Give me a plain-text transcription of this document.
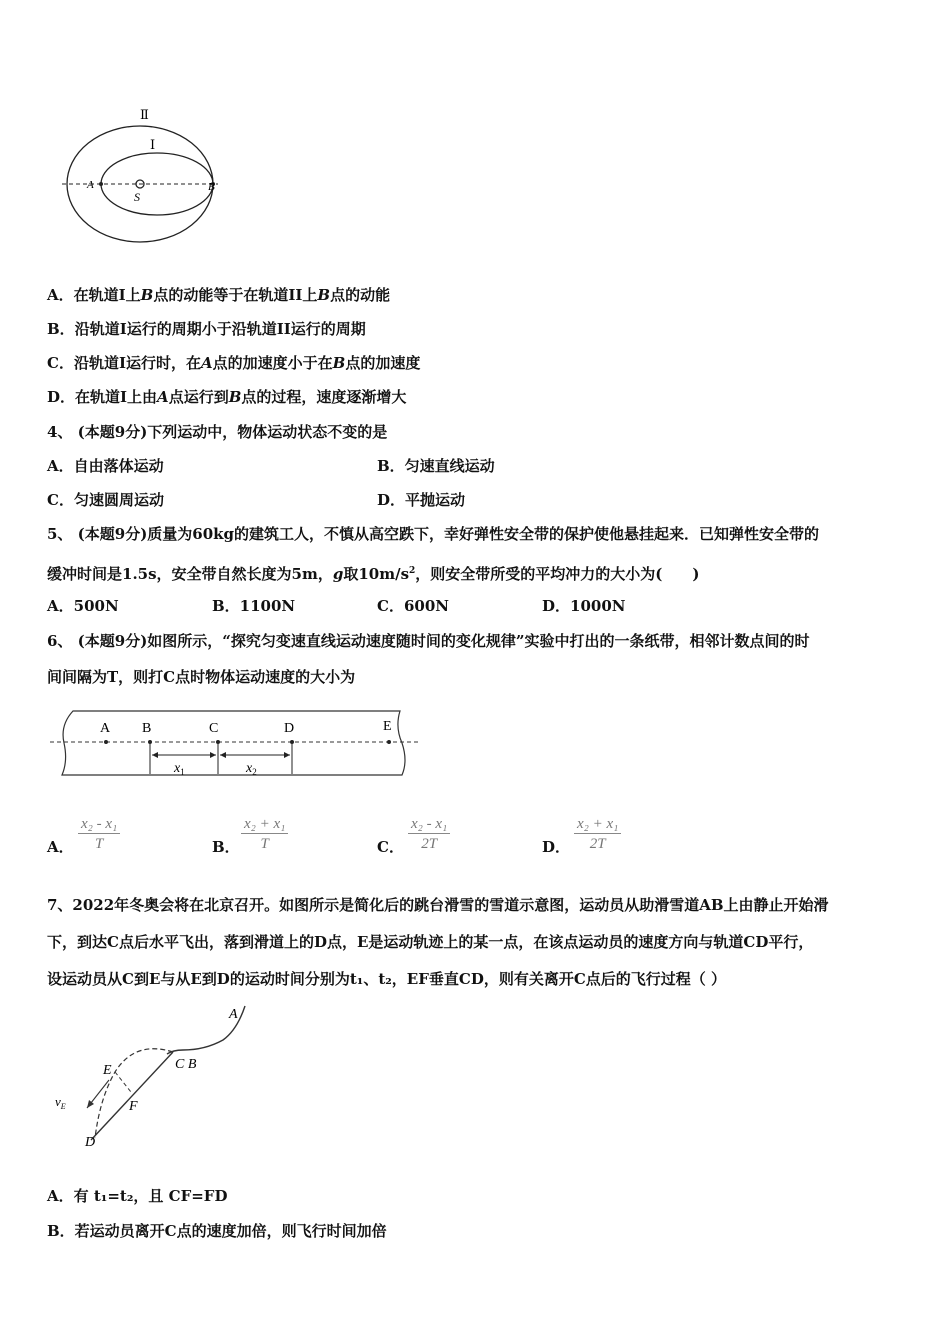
Ⅱ
Ⅰ
A
S
B
A．在轨道I上B点的动能等于在轨道II上B点的动能
B．沿轨道I运行的周期小于沿轨道II运行的周期
C．沿轨道I运行时，在A点的加速度小于在B点的加速度
D．在轨道I上由A点运行到B点的过程，速度逐渐增大
4、 (本题9分)下列运动中，物体运动状态不变的是
A．自由落体运动	B．匀速直线运动
C．匀速圆周运动	D．平抛运动
5、 (本题9分)质量为60kg的建筑工人，不慎从高空跌下，幸好弹性安全带的保护使他悬挂起来．已知弹性安全带的
缓冲时间是1.5s，安全带自然长度为5m，g取$10m/s^2$，则安全带所受的平均冲力的大小为(　　)
A．500N	B．1100N	C．600N	D．1000N
6、 (本题9分)如图所示，“探究匀变速直线运动速度随时间的变化规律”实验中打出的一条纸带，相邻计数点间的时
间间隔为T，则打C点时物体运动速度的大小为
A B	C	D	E
$x_1$	$x_2$
A． $\frac{\text{x₂ - x₁}}{T}$	B． $\frac{\text{x₂ + x₁}}{T}$	C． $\frac{\text{x₂ - x₁}}{2T}$	D． $\frac{\text{x₂ + x₁}}{2T}$
7、2022年冬奥会将在北京召开。如图所示是简化后的跳台滑雪的雪道示意图，运动员从助滑雪道AB上由静止开始滑
下，到达C点后水平飞出，落到滑道上的D点，E是运动轨迹上的某一点，在该点运动员的速度方向与轨道CD平行，
设运动员从C到E与从E到D的运动时间分别为t₁、t₂，EF垂直CD，则有关离开C点后的飞行过程（ ）
A
C B
E
F
D
$v_E$
A．有 t₁=t₂，且 CF=FD
B．若运动员离开C点的速度加倍，则飞行时间加倍
